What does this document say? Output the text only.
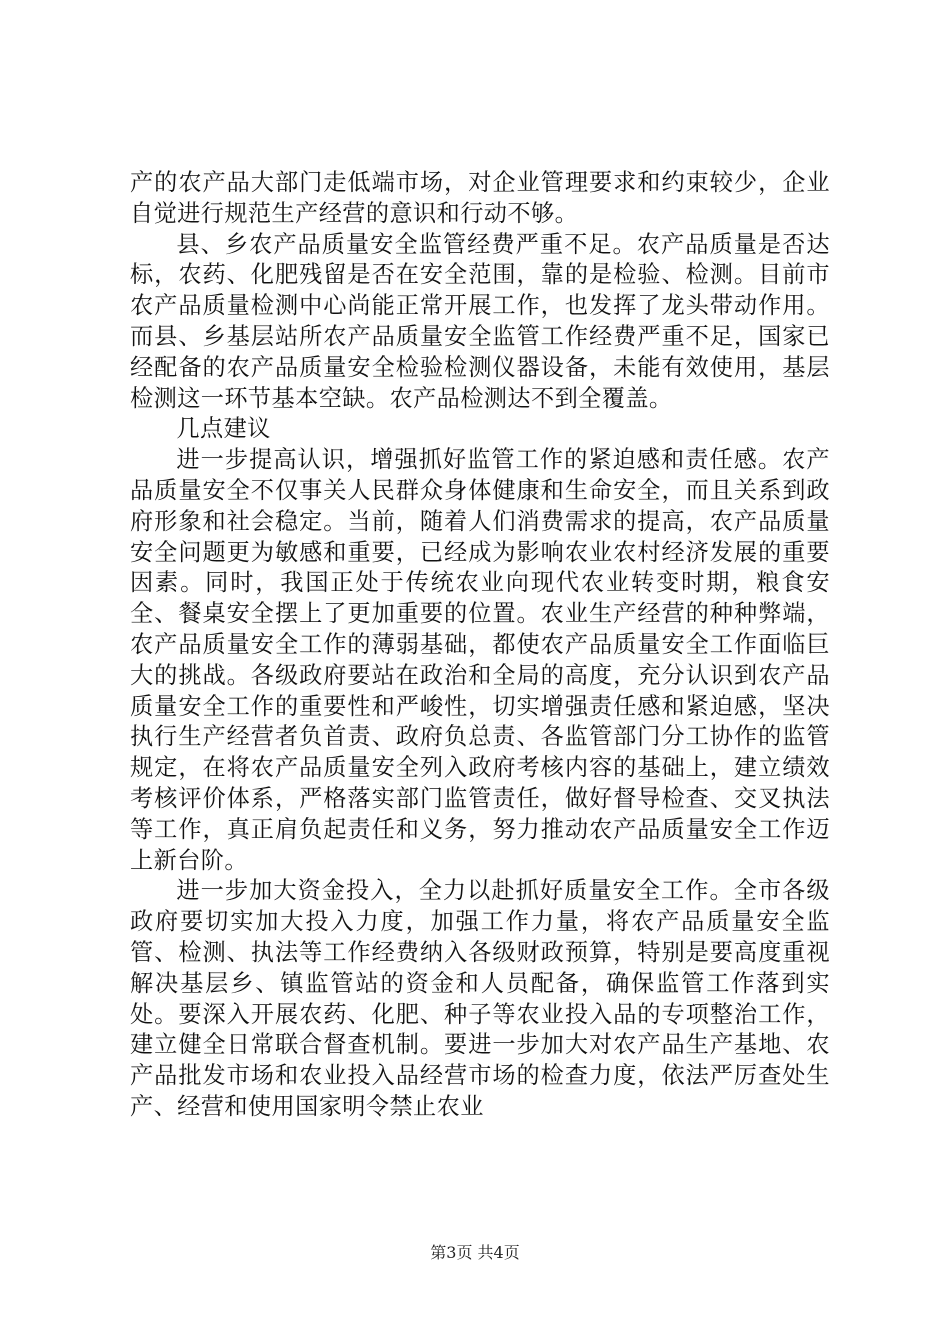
产的农产品大部门走低端市场，对企业管理要求和约束较少，企业自觉进行规范生产经营的意识和行动不够。

县、乡农产品质量安全监管经费严重不足。农产品质量是否达标，农药、化肥残留是否在安全范围，靠的是检验、检测。目前市农产品质量检测中心尚能正常开展工作，也发挥了龙头带动作用。而县、乡基层站所农产品质量安全监管工作经费严重不足，国家已经配备的农产品质量安全检验检测仪器设备，未能有效使用，基层检测这一环节基本空缺。农产品检测达不到全覆盖。

几点建议

进一步提高认识，增强抓好监管工作的紧迫感和责任感。农产品质量安全不仅事关人民群众身体健康和生命安全，而且关系到政府形象和社会稳定。当前，随着人们消费需求的提高，农产品质量安全问题更为敏感和重要，已经成为影响农业农村经济发展的重要因素。同时，我国正处于传统农业向现代农业转变时期，粮食安全、餐桌安全摆上了更加重要的位置。农业生产经营的种种弊端，农产品质量安全工作的薄弱基础，都使农产品质量安全工作面临巨大的挑战。各级政府要站在政治和全局的高度，充分认识到农产品质量安全工作的重要性和严峻性，切实增强责任感和紧迫感，坚决执行生产经营者负首责、政府负总责、各监管部门分工协作的监管规定，在将农产品质量安全列入政府考核内容的基础上，建立绩效考核评价体系，严格落实部门监管责任，做好督导检查、交叉执法等工作，真正肩负起责任和义务，努力推动农产品质量安全工作迈上新台阶。

进一步加大资金投入，全力以赴抓好质量安全工作。全市各级政府要切实加大投入力度，加强工作力量，将农产品质量安全监管、检测、执法等工作经费纳入各级财政预算，特别是要高度重视解决基层乡、镇监管站的资金和人员配备，确保监管工作落到实处。要深入开展农药、化肥、种子等农业投入品的专项整治工作，建立健全日常联合督查机制。要进一步加大对农产品生产基地、农产品批发市场和农业投入品经营市场的检查力度，依法严厉查处生产、经营和使用国家明令禁止农业

第3页 共4页
